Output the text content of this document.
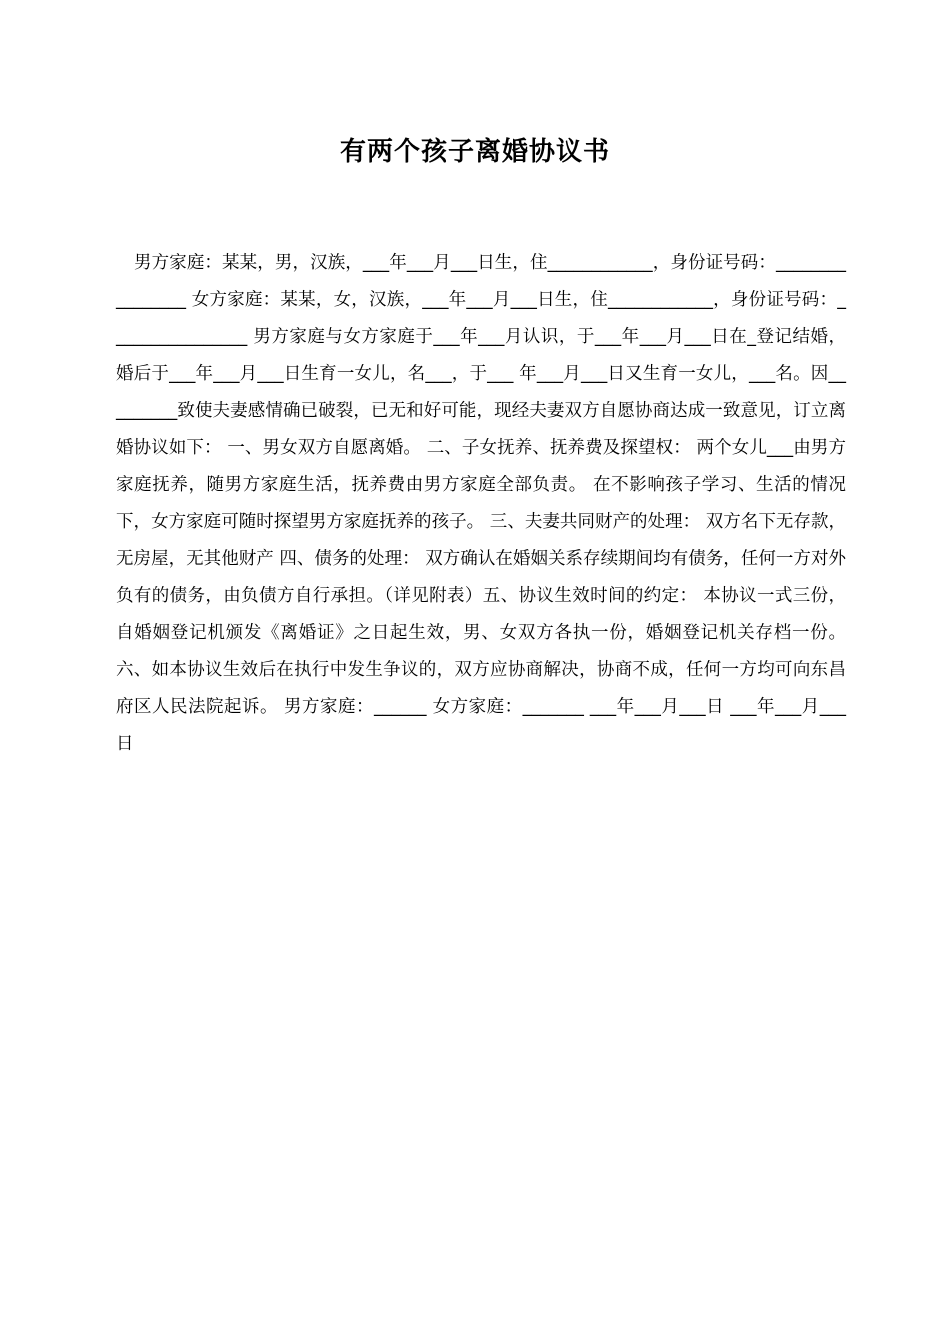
有两个孩子离婚协议书
男方家庭：某某，男，汉族，___年___月___日生，住____________，身份证号码：________________ 女方家庭：某某，女，汉族，___年___月___日生，住____________，身份证号码：________________ 男方家庭与女方家庭于___年___月认识，于___年___月___日在_登记结婚，婚后于___年___月___日生育一女儿，名___，于___ 年___月___日又生育一女儿，___名。因_________致使夫妻感情确已破裂，已无和好可能，现经夫妻双方自愿协商达成一致意见，订立离婚协议如下： 一、男女双方自愿离婚。 二、子女抚养、抚养费及探望权： 两个女儿___由男方家庭抚养，随男方家庭生活，抚养费由男方家庭全部负责。 在不影响孩子学习、生活的情况下，女方家庭可随时探望男方家庭抚养的孩子。 三、夫妻共同财产的处理： 双方名下无存款，无房屋，无其他财产 四、债务的处理： 双方确认在婚姻关系存续期间均有债务，任何一方对外负有的债务，由负债方自行承担。（详见附表）五、协议生效时间的约定： 本协议一式三份，自婚姻登记机颁发《离婚证》之日起生效，男、女双方各执一份，婚姻登记机关存档一份。 六、如本协议生效后在执行中发生争议的，双方应协商解决，协商不成，任何一方均可向东昌府区人民法院起诉。 男方家庭：______ 女方家庭：_______ ___年___月___日 ___年___月___日
